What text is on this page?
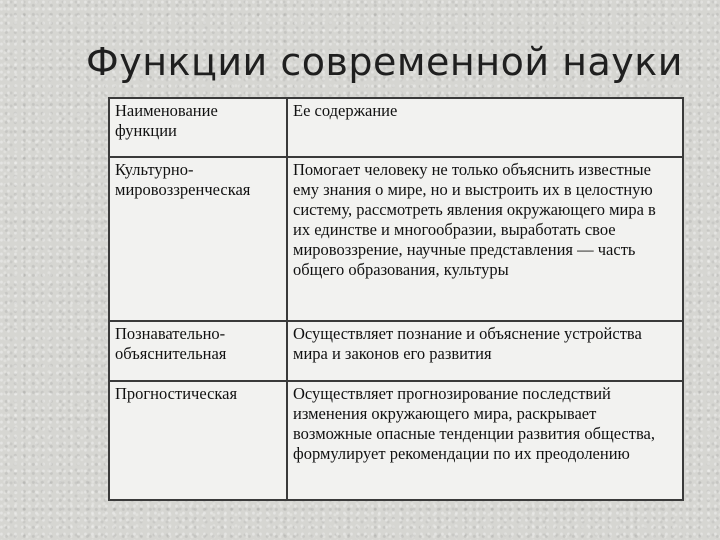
Функции современной науки
Наименование функции	Ее содержание
Культурно-мировоззренческая	Помогает человеку не только объяснить известные ему знания о мире, но и выстроить их в целостную систему, рассмотреть явления окружающего мира в их единстве и многообразии, выработать свое мировоззрение, научные представления — часть общего образования, культуры
Познавательно-объяснительная	Осуществляет познание и объяснение устройства мира и законов его развития
Прогностическая	Осуществляет прогнозирование последствий изменения окружающего мира, раскрывает возможные опасные тенденции развития общества, формулирует рекомендации по их преодолению
